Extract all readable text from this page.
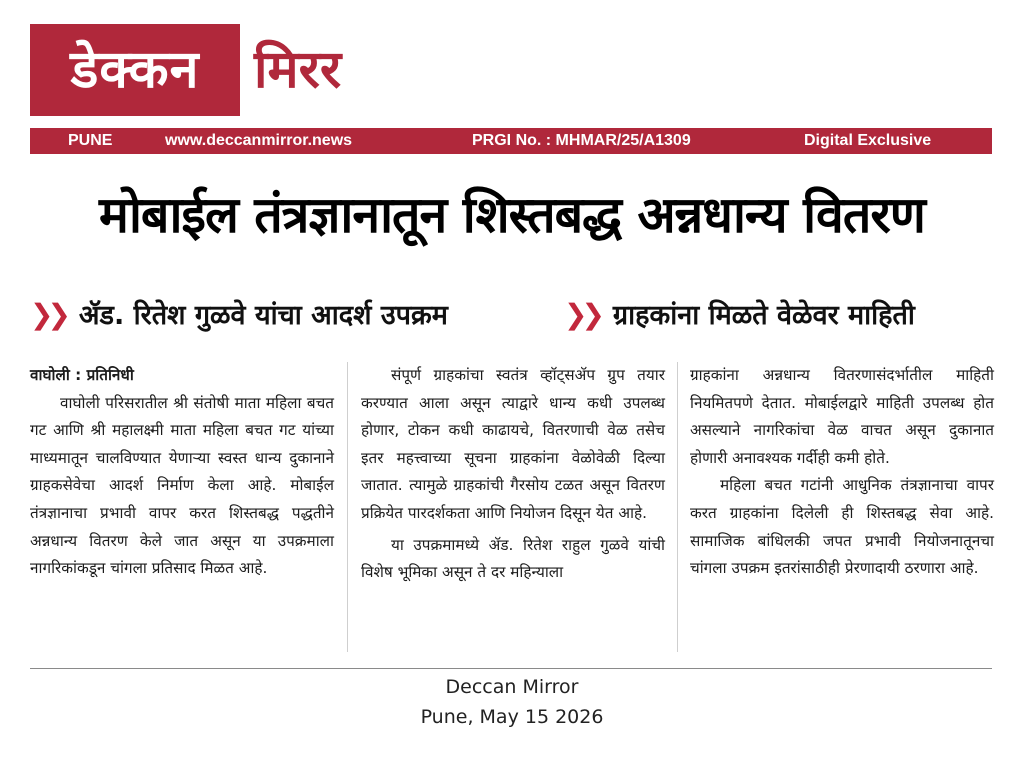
डेक्कन	मिरर
PUNE	www.deccanmirror.news	PRGI No. : MHMAR/25/A1309	Digital Exclusive
मोबाईल तंत्रज्ञानातून शिस्तबद्ध अन्नधान्य वितरण
❯❯ ॲड. रितेश गुळवे यांचा आदर्श उपक्रम	❯❯ ग्राहकांना मिळते वेळेवर माहिती

वाघोली : प्रतिनिधी

वाघोली परिसरातील श्री संतोषी माता महिला बचत गट आणि श्री महालक्ष्मी माता महिला बचत गट यांच्या माध्यमातून चालविण्यात येणाऱ्या स्वस्त धान्य दुकानाने ग्राहकसेवेचा आदर्श निर्माण केला आहे. मोबाईल तंत्रज्ञानाचा प्रभावी वापर करत शिस्तबद्ध पद्धतीने अन्नधान्य वितरण केले जात असून या उपक्रमाला नागरिकांकडून चांगला प्रतिसाद मिळत आहे.

संपूर्ण ग्राहकांचा स्वतंत्र व्हॉट्सॲप ग्रुप तयार करण्यात आला असून त्याद्वारे धान्य कधी उपलब्ध होणार, टोकन कधी काढायचे, वितरणाची वेळ तसेच इतर महत्त्वाच्या सूचना ग्राहकांना वेळोवेळी दिल्या जातात. त्यामुळे ग्राहकांची गैरसोय टळत असून वितरण प्रक्रियेत पारदर्शकता आणि नियोजन दिसून येत आहे.

या उपक्रमामध्ये ॲड. रितेश राहुल गुळवे यांची विशेष भूमिका असून ते दर महिन्याला

ग्राहकांना अन्नधान्य वितरणासंदर्भातील माहिती नियमितपणे देतात. मोबाईलद्वारे माहिती उपलब्ध होत असल्याने नागरिकांचा वेळ वाचत असून दुकानात होणारी अनावश्यक गर्दीही कमी होते.

महिला बचत गटांनी आधुनिक तंत्रज्ञानाचा वापर करत ग्राहकांना दिलेली ही शिस्तबद्ध सेवा आहे. सामाजिक बांधिलकी जपत प्रभावी नियोजनातूनचा चांगला उपक्रम इतरांसाठीही प्रेरणादायी ठरणारा आहे.

Deccan Mirror
Pune, May 15 2026
